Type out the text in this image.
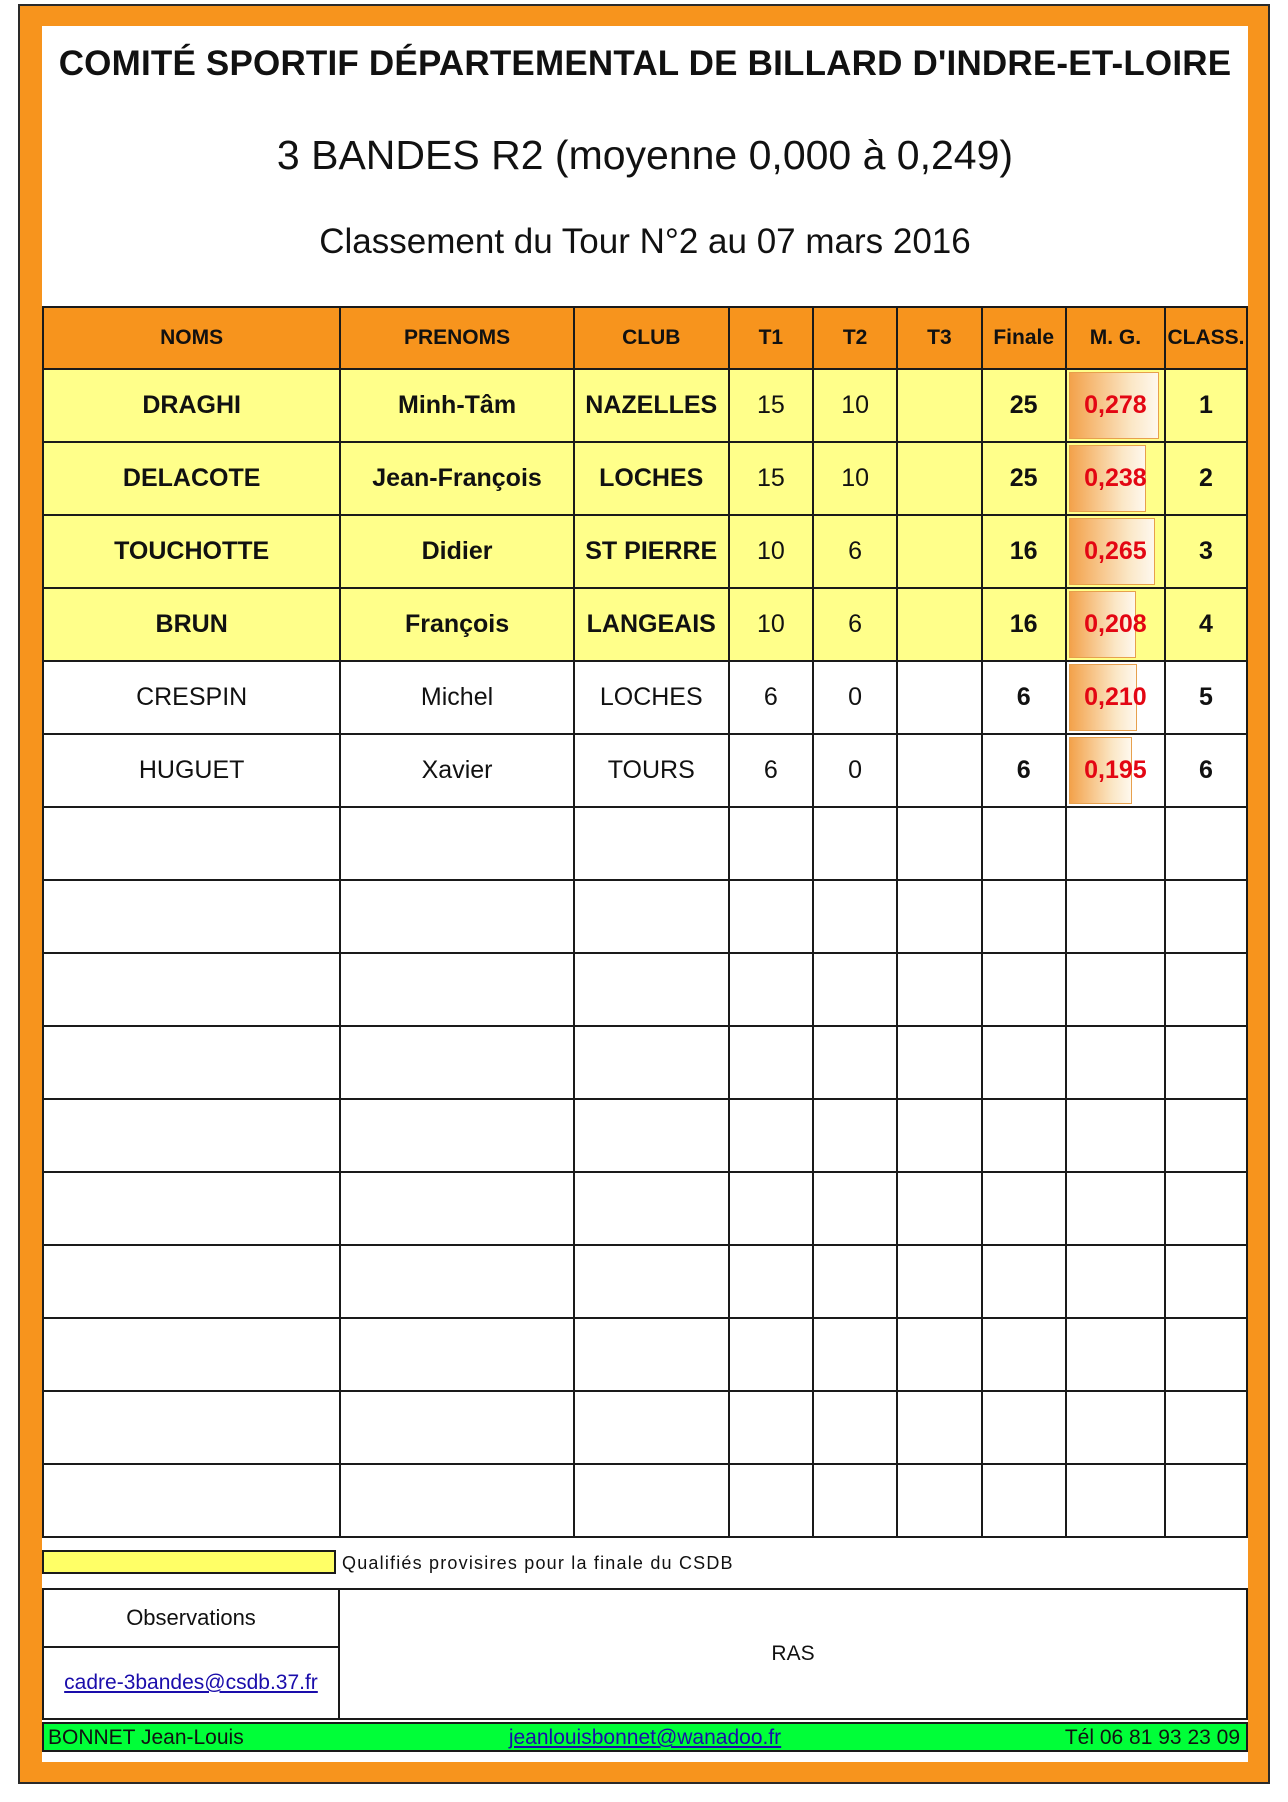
COMITÉ SPORTIF DÉPARTEMENTAL DE BILLARD D'INDRE-ET-LOIRE
3 BANDES R2 (moyenne 0,000 à 0,249)
Classement du Tour N°2 au 07 mars 2016
NOMS	PRENOMS	CLUB	T1	T2	T3	Finale	M. G.	CLASS.
DRAGHI	Minh-Tâm	NAZELLES	15	10		25	0,278	1
DELACOTE	Jean-François	LOCHES	15	10		25	0,238	2
TOUCHOTTE	Didier	ST PIERRE	10	6		16	0,265	3
BRUN	François	LANGEAIS	10	6		16	0,208	4
CRESPIN	Michel	LOCHES	6	0		6	0,210	5
HUGUET	Xavier	TOURS	6	0		6	0,195	6

Qualifiés provisires pour la finale du CSDB
Observations
cadre-3bandes@csdb.37.fr
RAS
BONNET Jean-Louis	jeanlouisbonnet@wanadoo.fr	Tél 06 81 93 23 09
